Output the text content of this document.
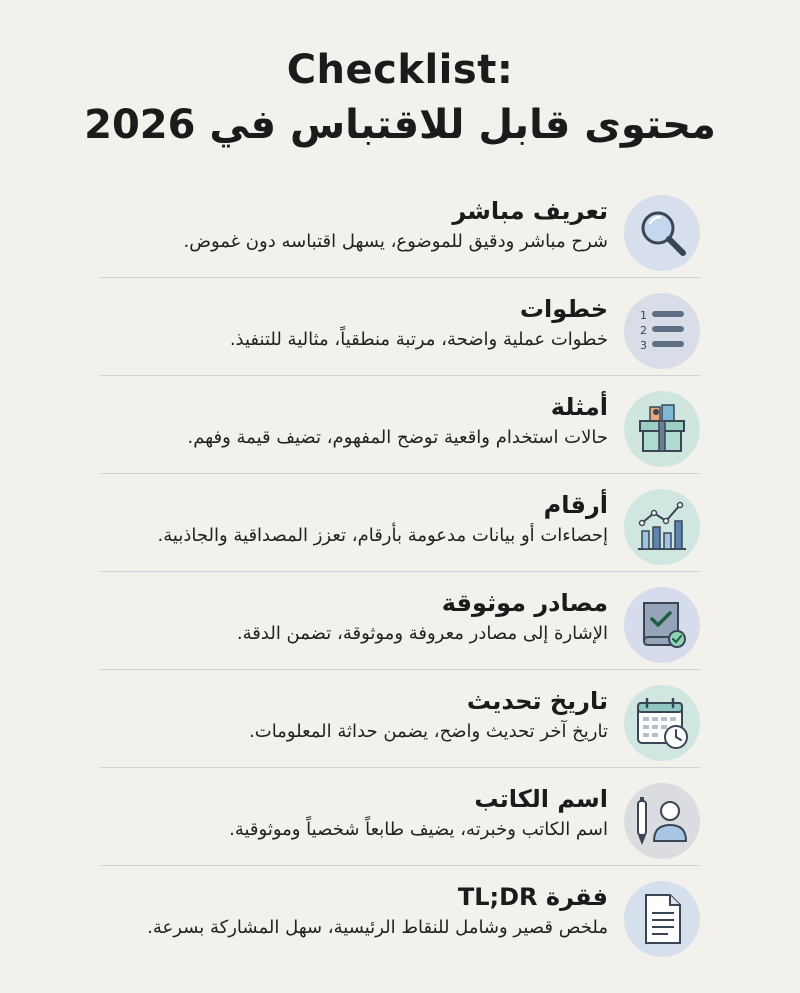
Checklist:
محتوى قابل للاقتباس في 2026
تعريف مباشر
شرح مباشر ودقيق للموضوع، يسهل اقتباسه دون غموض.
1
2
3
خطوات
خطوات عملية واضحة، مرتبة منطقياً، مثالية للتنفيذ.
أمثلة
حالات استخدام واقعية توضح المفهوم، تضيف قيمة وفهم.
أرقام
إحصاءات أو بيانات مدعومة بأرقام، تعزز المصداقية والجاذبية.
مصادر موثوقة
الإشارة إلى مصادر معروفة وموثوقة، تضمن الدقة.
تاريخ تحديث
تاريخ آخر تحديث واضح، يضمن حداثة المعلومات.
اسم الكاتب
اسم الكاتب وخبرته، يضيف طابعاً شخصياً وموثوقية.
فقرة TL;DR
ملخص قصير وشامل للنقاط الرئيسية، سهل المشاركة بسرعة.
